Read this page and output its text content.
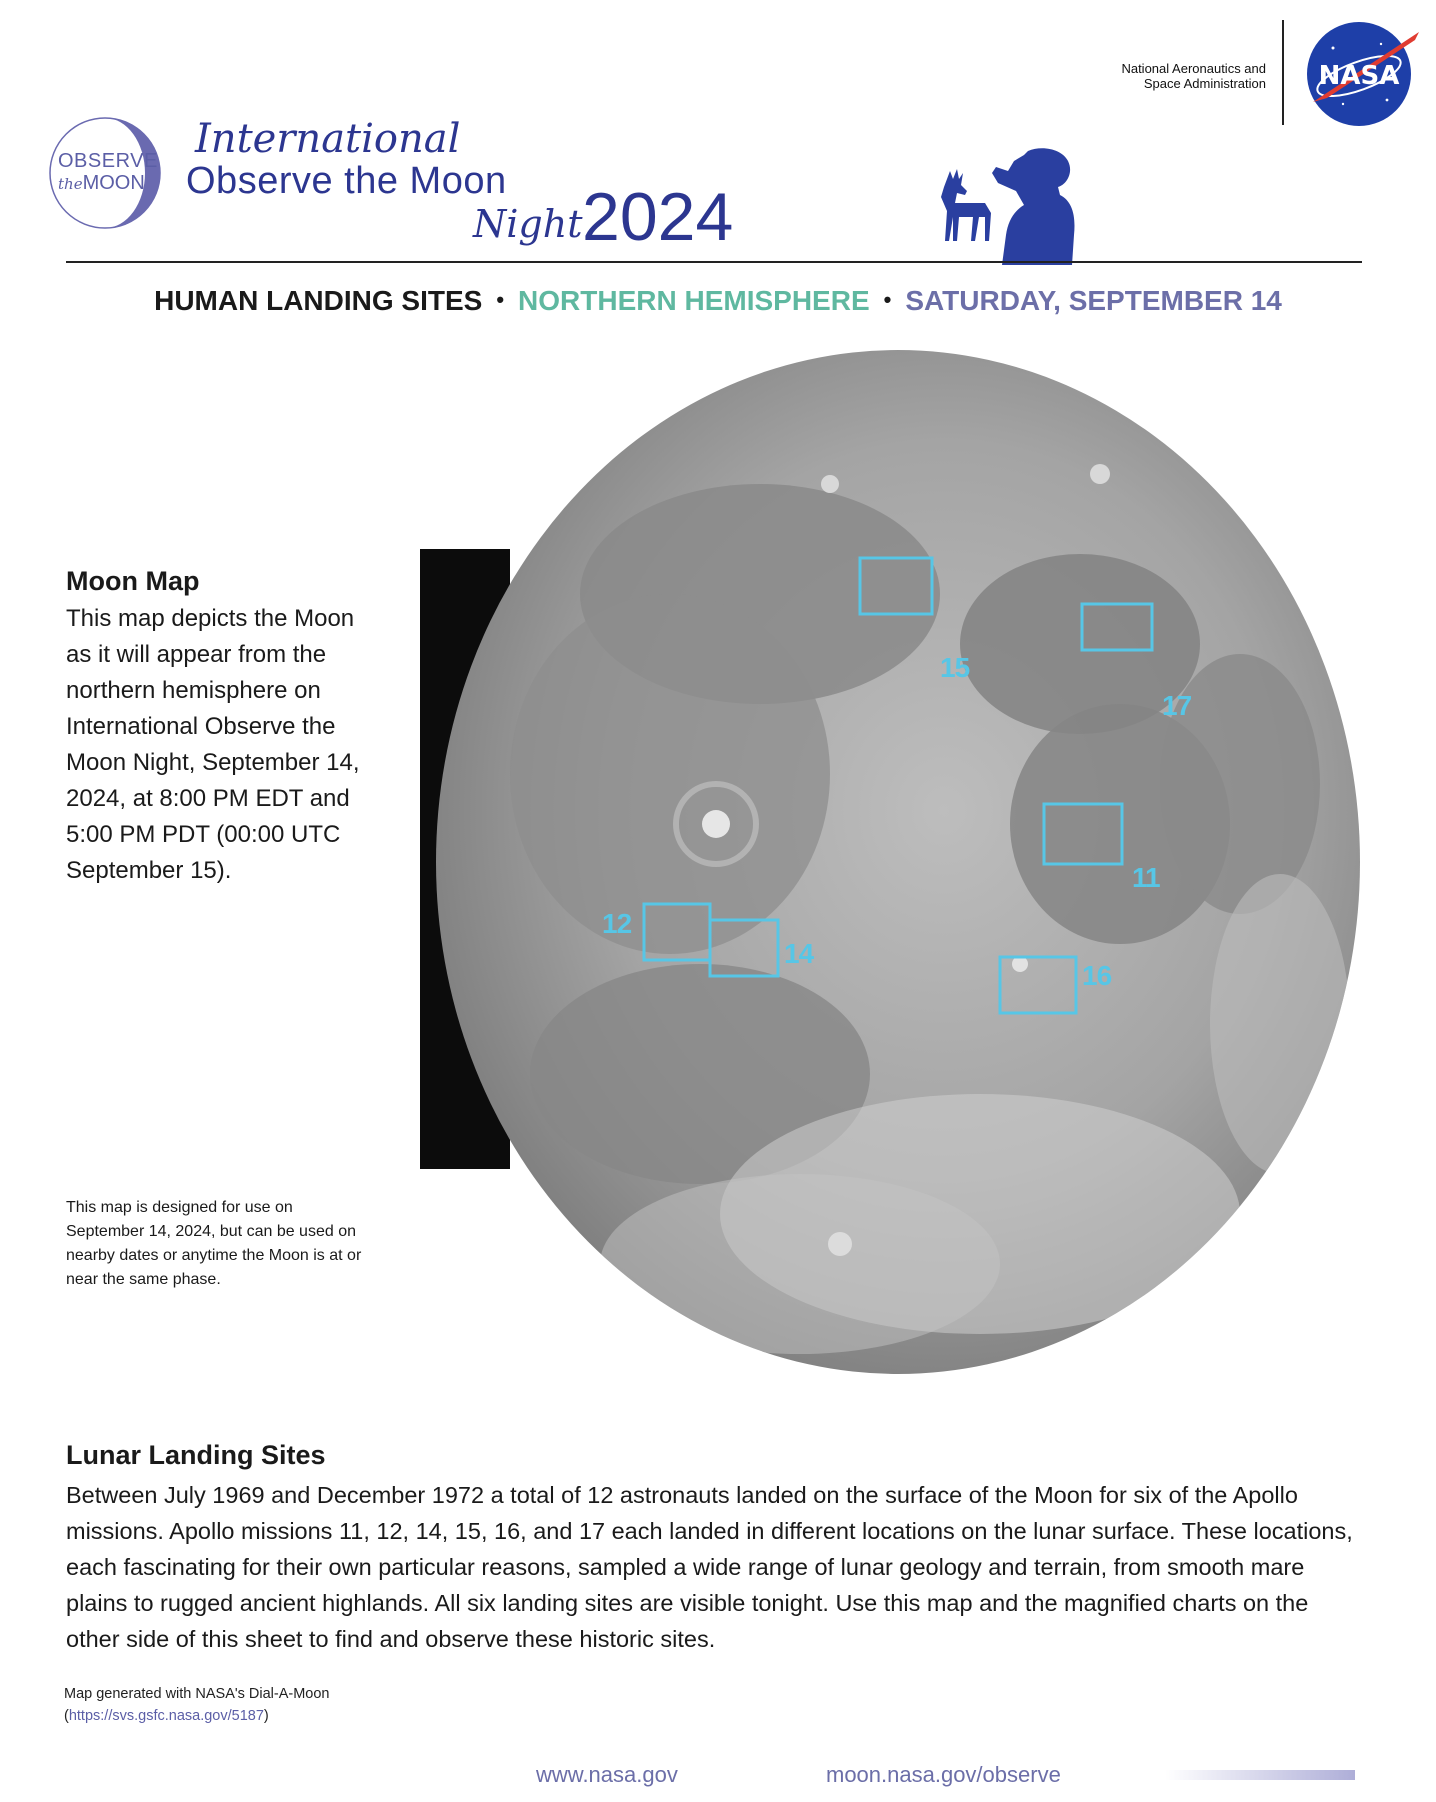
OBSERVE
theMOON
International
Observe the Moon
Night 2024
National Aeronautics and
Space Administration NASA
HUMAN LANDING SITES • NORTHERN HEMISPHERE • SATURDAY, SEPTEMBER 14
15
17
11
12
14
16
Moon Map
This map depicts the Moon as it will appear from the northern hemisphere on International Observe the Moon Night, September 14, 2024, at 8:00 PM EDT and 5:00 PM PDT (00:00 UTC September 15).
This map is designed for use on September 14, 2024, but can be used on nearby dates or anytime the Moon is at or near the same phase.
Lunar Landing Sites
Between July 1969 and December 1972 a total of 12 astronauts landed on the surface of the Moon for six of the Apollo missions. Apollo missions 11, 12, 14, 15, 16, and 17 each landed in different locations on the lunar surface. These locations, each fascinating for their own particular reasons, sampled a wide range of lunar geology and terrain, from smooth mare plains to rugged ancient highlands. All six landing sites are visible tonight. Use this map and the magnified charts on the other side of this sheet to find and observe these historic sites.
Map generated with NASA's Dial-A-Moon
(https://svs.gsfc.nasa.gov/5187)
www.nasa.gov	moon.nasa.gov/observe
